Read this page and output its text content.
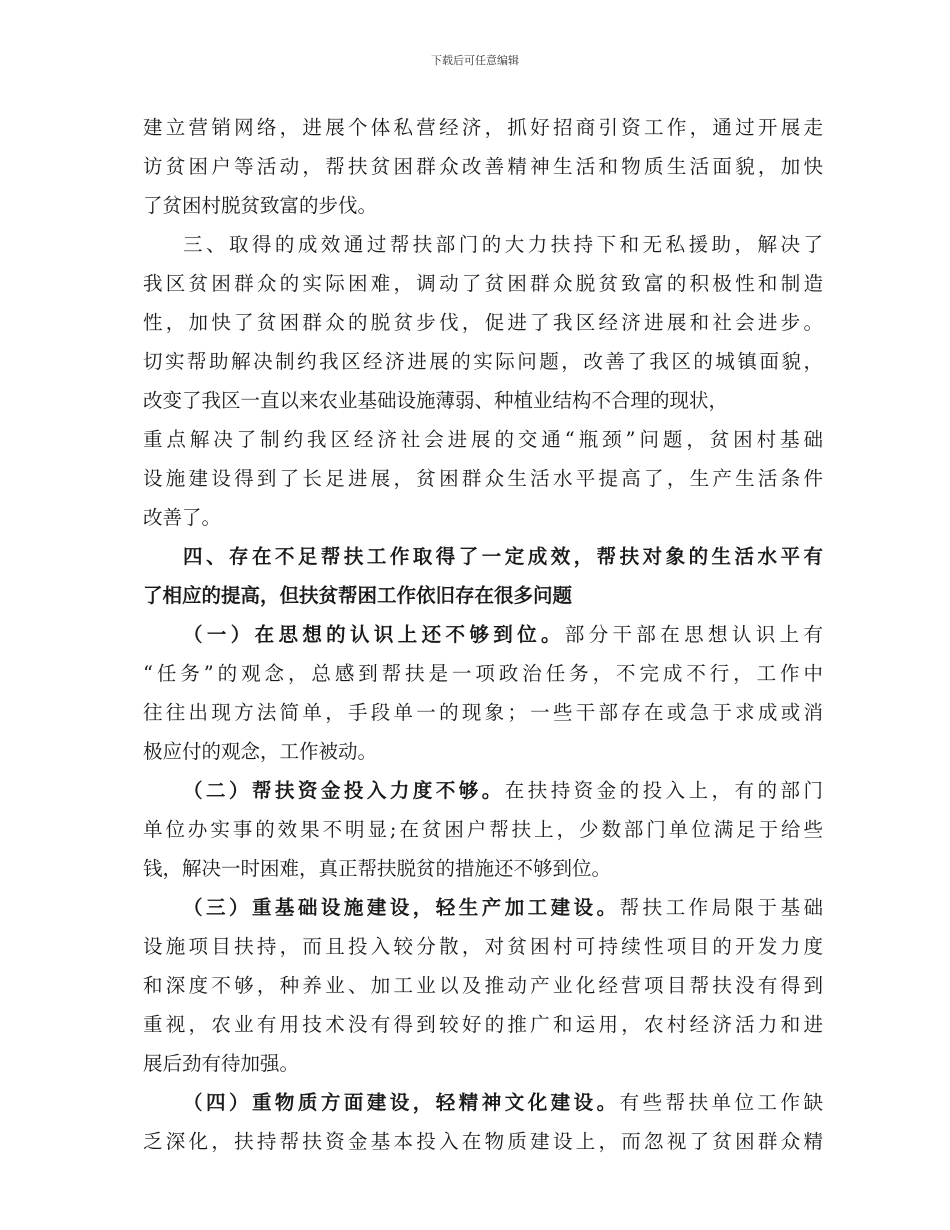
下载后可任意编辑
建立营销网络，进展个体私营经济，抓好招商引资工作，通过开展走
访贫困户等活动，帮扶贫困群众改善精神生活和物质生活面貌，加快
了贫困村脱贫致富的步伐。
三、取得的成效通过帮扶部门的大力扶持下和无私援助，解决了
我区贫困群众的实际困难，调动了贫困群众脱贫致富的积极性和制造
性，加快了贫困群众的脱贫步伐，促进了我区经济进展和社会进步。
切实帮助解决制约我区经济进展的实际问题，改善了我区的城镇面貌，
改变了我区一直以来农业基础设施薄弱、种植业结构不合理的现状，
重点解决了制约我区经济社会进展的交通“瓶颈”问题，贫困村基础
设施建设得到了长足进展，贫困群众生活水平提高了，生产生活条件
改善了。
四、存在不足帮扶工作取得了一定成效，帮扶对象的生活水平有
了相应的提高，但扶贫帮困工作依旧存在很多问题
（一）在思想的认识上还不够到位。部分干部在思想认识上有
“任务”的观念，总感到帮扶是一项政治任务，不完成不行，工作中
往往出现方法简单，手段单一的现象；一些干部存在或急于求成或消
极应付的观念，工作被动。
（二）帮扶资金投入力度不够。在扶持资金的投入上，有的部门
单位办实事的效果不明显;在贫困户帮扶上，少数部门单位满足于给些
钱，解决一时困难，真正帮扶脱贫的措施还不够到位。
（三）重基础设施建设，轻生产加工建设。帮扶工作局限于基础
设施项目扶持，而且投入较分散，对贫困村可持续性项目的开发力度
和深度不够，种养业、加工业以及推动产业化经营项目帮扶没有得到
重视，农业有用技术没有得到较好的推广和运用，农村经济活力和进
展后劲有待加强。
（四）重物质方面建设，轻精神文化建设。有些帮扶单位工作缺
乏深化，扶持帮扶资金基本投入在物质建设上，而忽视了贫困群众精
